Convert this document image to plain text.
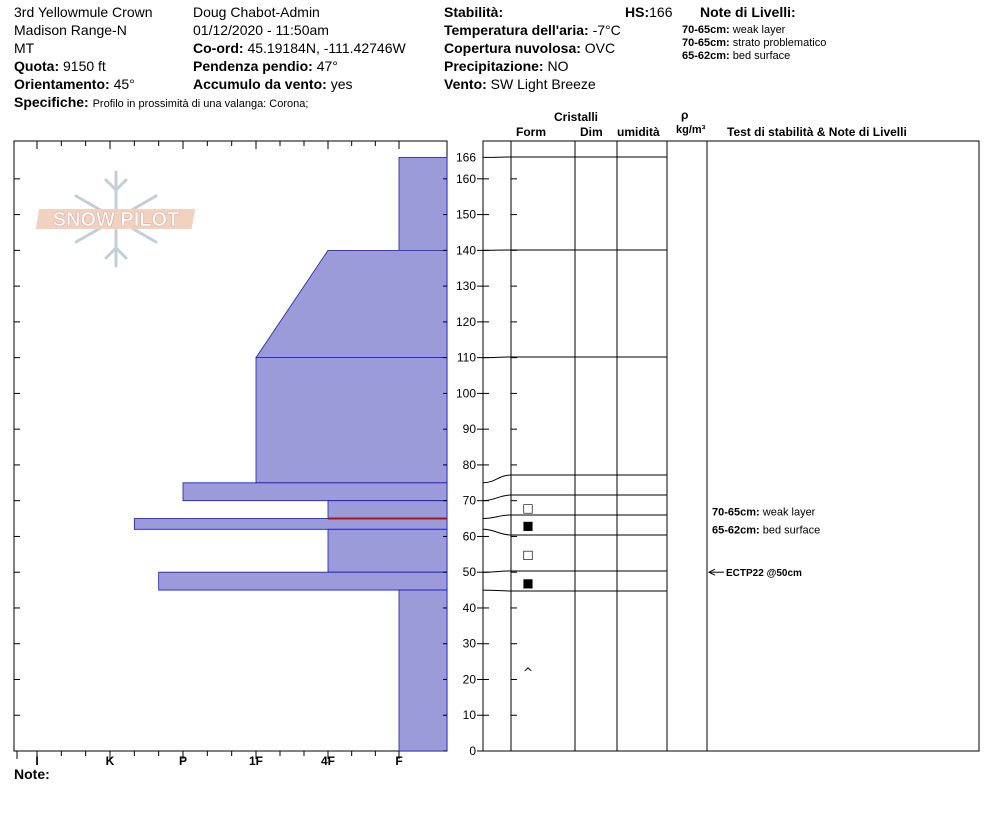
3rd Yellowmule Crown
Madison Range-N
MT
Quota: 9150 ft
Orientamento: 45°
Specifiche: Profilo in prossimità di una valanga: Corona;
Doug Chabot-Admin
01/12/2020 - 11:50am
Co-ord: 45.19184N, -111.42746W
Pendenza pendio: 47°
Accumulo da vento: yes
Stabilità:
Temperatura dell'aria: -7°C
Copertura nuvolosa: OVC
Precipitazione: NO
Vento: SW Light Breeze
HS:166 Note di Livelli:
70-65cm: weak layer
70-65cm: strato problematico
65-62cm: bed surface
Cristalli
Form	Dim umidità
ρ
kg/m³ Test di stabilità & Note di Livelli
Note:
SNOW PILOT
I	K	P	1F	4F	F
0
10
20
30
40
50
60
70
80
90
100
110
120
130
140
150
160
166
□
■
□
■
^
70-65cm: weak layer
65-62cm: bed surface
ECTP22 @50cm
